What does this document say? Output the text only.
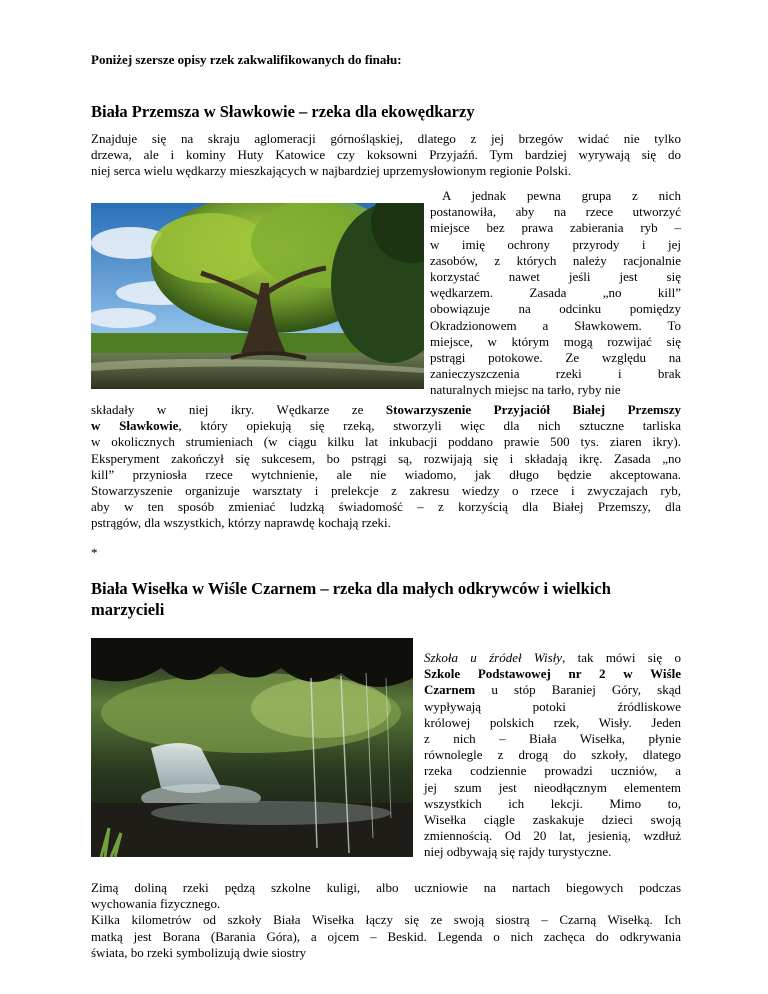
Poniżej szersze opisy rzek zakwalifikowanych do finału:
Biała Przemsza w Sławkowie – rzeka dla ekowędkarzy
Znajduje się na skraju aglomeracji górnośląskiej, dlatego z jej brzegów widać nie tylko
drzewa, ale i kominy Huty Katowice czy koksowni Przyjaźń. Tym bardziej wyrywają się do
niej serca wielu wędkarzy mieszkających w najbardziej uprzemysłowionym regionie Polski.
A jednak pewna grupa z nich
postanowiła, aby na rzece utworzyć
miejsce bez prawa zabierania ryb –
w imię ochrony przyrody i jej
zasobów, z których należy racjonalnie
korzystać nawet jeśli jest się
wędkarzem. Zasada „no kill”
obowiązuje na odcinku pomiędzy
Okradzionowem a Sławkowem. To
miejsce, w którym mogą rozwijać się
pstrągi potokowe. Ze względu na
zanieczyszczenia rzeki i brak
naturalnych miejsc na tarło, ryby nie
składały w niej ikry. Wędkarze ze Stowarzyszenie Przyjaciół Białej Przemszy
w Sławkowie, który opiekują się rzeką, stworzyli więc dla nich sztuczne tarliska
w okolicznych strumieniach (w ciągu kilku lat inkubacji poddano prawie 500 tys. ziaren ikry).
Eksperyment zakończył się sukcesem, bo pstrągi są, rozwijają się i składają ikrę. Zasada „no
kill” przyniosła rzece wytchnienie, ale nie wiadomo, jak długo będzie akceptowana.
Stowarzyszenie organizuje warsztaty i prelekcje z zakresu wiedzy o rzece i zwyczajach ryb,
aby w ten sposób zmieniać ludzką świadomość – z korzyścią dla Białej Przemszy, dla
pstrągów, dla wszystkich, którzy naprawdę kochają rzeki.
*
Biała Wisełka w Wiśle Czarnem – rzeka dla małych odkrywców i wielkich marzycieli
Szkoła u źródeł Wisły, tak mówi się o
Szkole Podstawowej nr 2 w Wiśle
Czarnem u stóp Baraniej Góry, skąd
wypływają potoki źródliskowe
królowej polskich rzek, Wisły. Jeden
z nich – Biała Wisełka, płynie
równolegle z drogą do szkoły, dlatego
rzeka codziennie prowadzi uczniów, a
jej szum jest nieodłącznym elementem
wszystkich ich lekcji. Mimo to,
Wisełka ciągle zaskakuje dzieci swoją
zmiennością. Od 20 lat, jesienią, wzdłuż
niej odbywają się rajdy turystyczne.
Zimą doliną rzeki pędzą szkolne kuligi, albo uczniowie na nartach biegowych podczas
wychowania fizycznego.
Kilka kilometrów od szkoły Biała Wisełka łączy się ze swoją siostrą – Czarną Wisełką. Ich
matką jest Borana (Barania Góra), a ojcem – Beskid. Legenda o nich zachęca do odkrywania
świata, bo rzeki symbolizują dwie siostry
